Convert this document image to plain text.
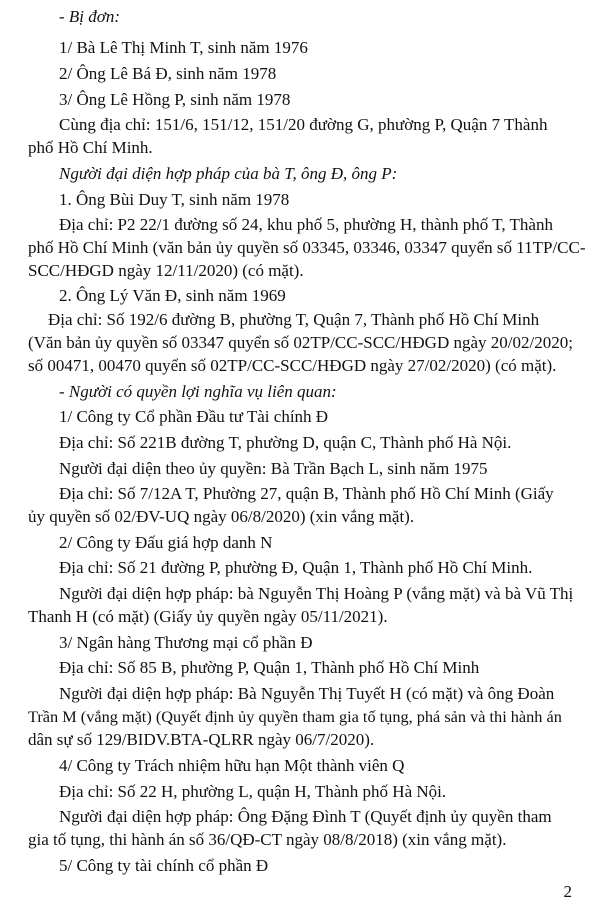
- Bị đơn:

1/ Bà Lê Thị Minh T, sinh năm 1976

2/ Ông Lê Bá Đ, sinh năm 1978

3/ Ông Lê Hồng P, sinh năm 1978

Cùng địa chỉ: 151/6, 151/12, 151/20 đường G, phường P, Quận 7 Thành

phố Hồ Chí Minh.

Người đại diện hợp pháp của bà T, ông Đ, ông P:

1. Ông Bùi Duy T, sinh năm 1978

Địa chỉ: P2 22/1 đường số 24, khu phố 5, phường H, thành phố T, Thành

phố Hồ Chí Minh (văn bản ủy quyền số 03345, 03346, 03347 quyển số 11TP/CC-

SCC/HĐGD ngày 12/11/2020) (có mặt).

2. Ông Lý Văn Đ, sinh năm 1969

Địa chỉ: Số 192/6 đường B, phường T, Quận 7, Thành phố Hồ Chí Minh

(Văn bản ủy quyền số 03347 quyển số 02TP/CC-SCC/HĐGD ngày 20/02/2020;

số 00471, 00470 quyển số 02TP/CC-SCC/HĐGD ngày 27/02/2020) (có mặt).

- Người có quyền lợi nghĩa vụ liên quan:

1/ Công ty Cổ phần Đầu tư Tài chính Đ

Địa chỉ: Số 221B đường T, phường D, quận C, Thành phố Hà Nội.

Người đại diện theo ủy quyền: Bà Trần Bạch L, sinh năm 1975

Địa chỉ: Số 7/12A T, Phường 27, quận B, Thành phố Hồ Chí Minh (Giấy

ủy quyền số 02/ĐV-UQ ngày 06/8/2020) (xin vắng mặt).

2/ Công ty Đấu giá hợp danh N

Địa chỉ: Số 21 đường P, phường Đ, Quận 1, Thành phố Hồ Chí Minh.

Người đại diện hợp pháp: bà Nguyễn Thị Hoàng P (vắng mặt) và bà Vũ Thị

Thanh H (có mặt) (Giấy ủy quyền ngày 05/11/2021).

3/ Ngân hàng Thương mại cổ phần Đ

Địa chỉ: Số 85 B, phường P, Quận 1, Thành phố Hồ Chí Minh

Người đại diện hợp pháp: Bà Nguyễn Thị Tuyết H (có mặt) và ông Đoàn

Trần M (vắng mặt) (Quyết định ủy quyền tham gia tố tụng, phá sản và thi hành án

dân sự số 129/BIDV.BTA-QLRR ngày 06/7/2020).

4/ Công ty Trách nhiệm hữu hạn Một thành viên Q

Địa chỉ: Số 22 H, phường L, quận H, Thành phố Hà Nội.

Người đại diện hợp pháp: Ông Đặng Đình T (Quyết định ủy quyền tham

gia tố tụng, thi hành án số 36/QĐ-CT ngày 08/8/2018) (xin vắng mặt).

5/ Công ty tài chính cổ phần Đ

2
